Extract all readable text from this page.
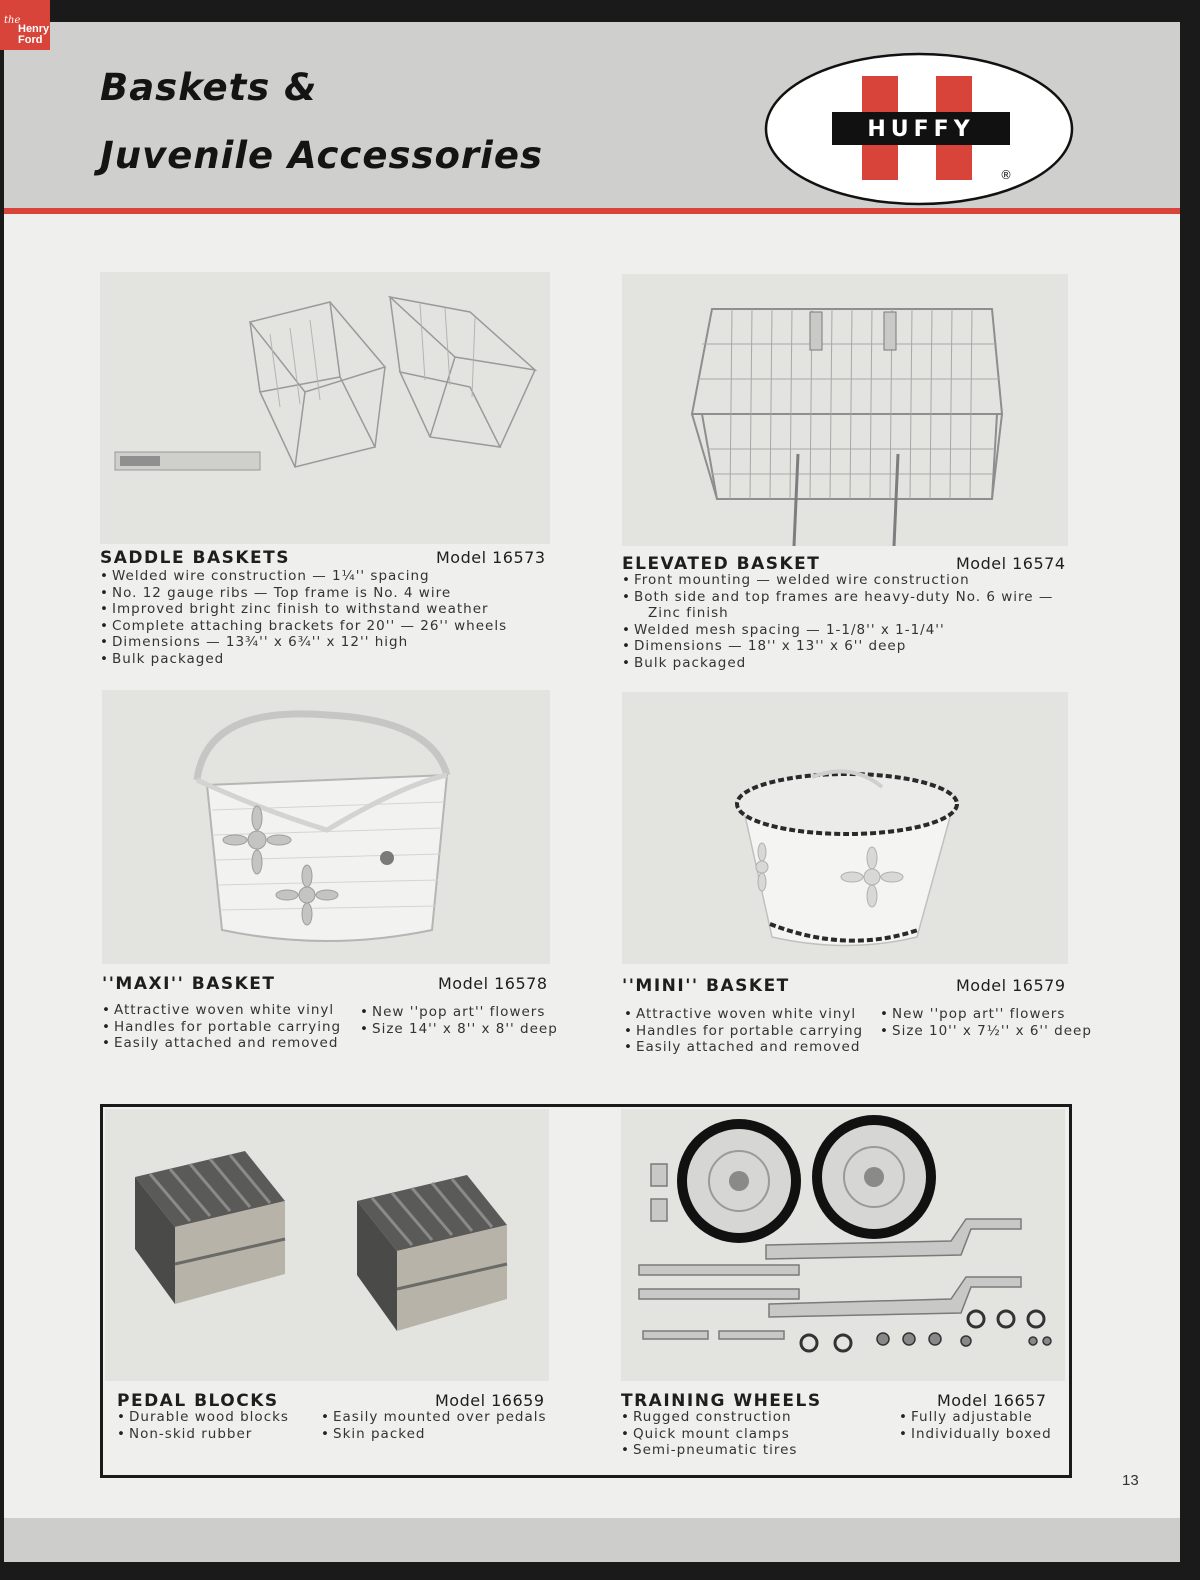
the
Henry
Ford
Baskets &
Juvenile Accessories
HUFFY
®
SADDLE BASKETS	Model 16573
• Welded wire construction — 1¼'' spacing
• No. 12 gauge ribs — Top frame is No. 4 wire
• Improved bright zinc finish to withstand weather
• Complete attaching brackets for 20'' — 26'' wheels
• Dimensions — 13¾'' x 6¾'' x 12'' high
• Bulk packaged
ELEVATED BASKET	Model 16574
• Front mounting — welded wire construction
• Both side and top frames are heavy-duty No. 6 wire —
Zinc finish
• Welded mesh spacing — 1-1/8'' x 1-1/4''
• Dimensions — 18'' x 13'' x 6'' deep
• Bulk packaged
''MAXI'' BASKET	Model 16578
• Attractive woven white vinyl
• Handles for portable carrying
• Easily attached and removed
• New ''pop art'' flowers
• Size 14'' x 8'' x 8'' deep
''MINI'' BASKET	Model 16579
• Attractive woven white vinyl
• Handles for portable carrying
• Easily attached and removed
• New ''pop art'' flowers
• Size 10'' x 7½'' x 6'' deep
PEDAL BLOCKS	Model 16659
• Durable wood blocks
• Non-skid rubber
• Easily mounted over pedals
• Skin packed
TRAINING WHEELS	Model 16657
• Rugged construction
• Quick mount clamps
• Semi-pneumatic tires
• Fully adjustable
• Individually boxed
13
